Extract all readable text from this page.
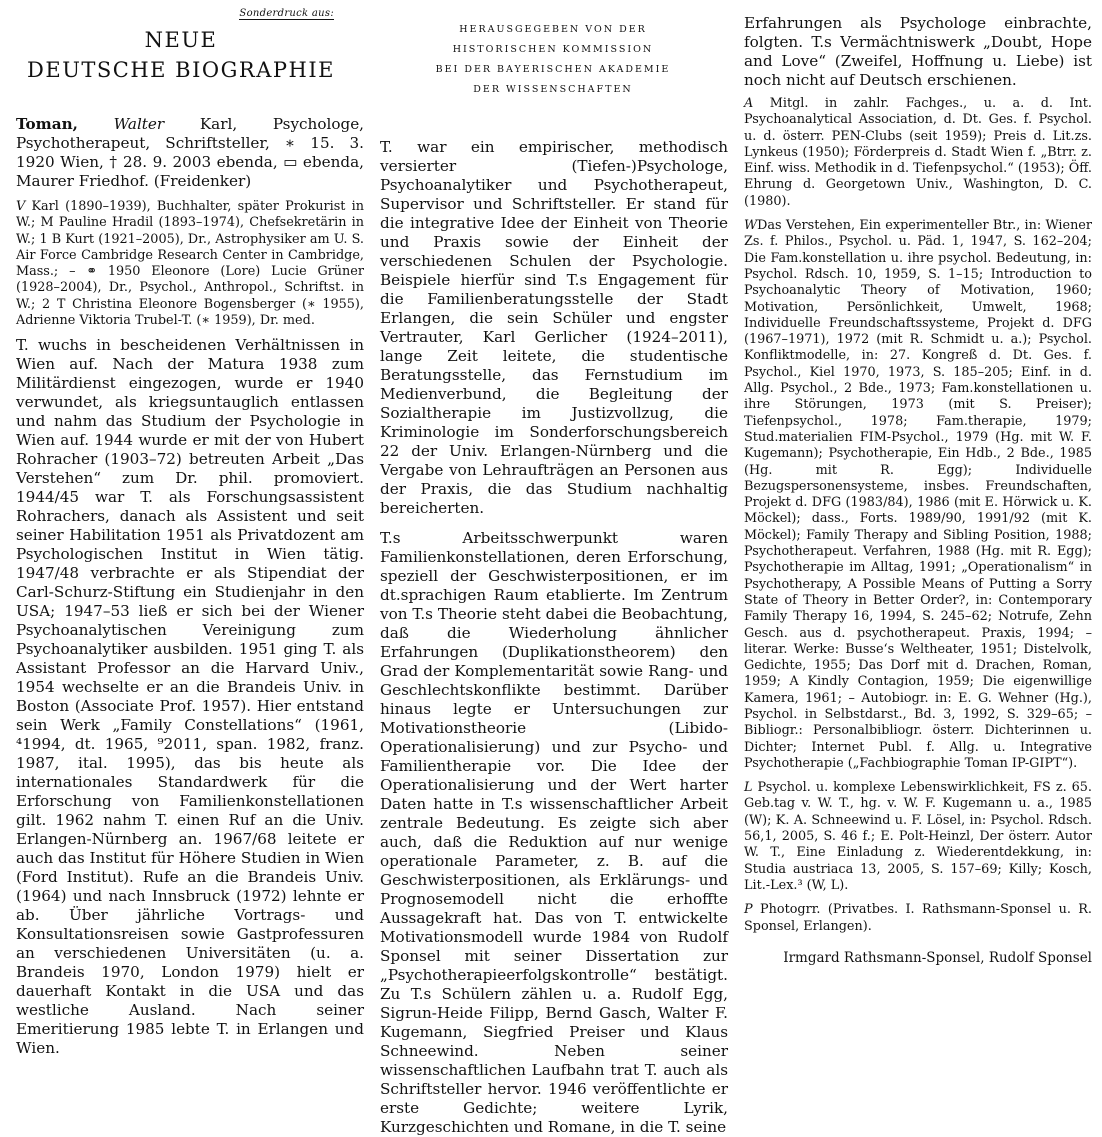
Sonderdruck aus:
NEUE
DEUTSCHE BIOGRAPHIE

Toman, Walter Karl, Psychologe, Psychotherapeut, Schriftsteller, ∗ 15. 3. 1920 Wien, † 28. 9. 2003 ebenda, ▭ ebenda, Maurer Friedhof. (Freidenker)

V Karl (1890–1939), Buchhalter, später Prokurist in W.; M Pauline Hradil (1893–1974), Chefsekretärin in W.; 1 B Kurt (1921–2005), Dr., Astrophysiker am U. S. Air Force Cambridge Research Center in Cambridge, Mass.; – ⚭ 1950 Eleonore (Lore) Lucie Grüner (1928–2004), Dr., Psychol., Anthropol., Schriftst. in W.; 2 T Christina Eleonore Bogensberger (∗ 1955), Adrienne Viktoria Trubel-T. (∗ 1959), Dr. med.

T. wuchs in bescheidenen Verhältnissen in Wien auf. Nach der Matura 1938 zum Militärdienst eingezogen, wurde er 1940 verwundet, als kriegsuntauglich entlassen und nahm das Studium der Psychologie in Wien auf. 1944 wurde er mit der von Hubert Rohracher (1903–72) betreuten Arbeit „Das Verstehen“ zum Dr. phil. promoviert. 1944/45 war T. als Forschungsassistent Rohrachers, danach als Assistent und seit seiner Habilitation 1951 als Privatdozent am Psychologischen Institut in Wien tätig. 1947/48 verbrachte er als Stipendiat der Carl-Schurz-Stiftung ein Studienjahr in den USA; 1947–53 ließ er sich bei der Wiener Psychoanalytischen Vereinigung zum Psychoanalytiker ausbilden. 1951 ging T. als Assistant Professor an die Harvard Univ., 1954 wechselte er an die Brandeis Univ. in Boston (Associate Prof. 1957). Hier entstand sein Werk „Family Constellations“ (1961, ⁴1994, dt. 1965, ⁹2011, span. 1982, franz. 1987, ital. 1995), das bis heute als internationales Standardwerk für die Erforschung von Familienkonstellationen gilt. 1962 nahm T. einen Ruf an die Univ. Erlangen-Nürnberg an. 1967/68 leitete er auch das Institut für Höhere Studien in Wien (Ford Institut). Rufe an die Brandeis Univ. (1964) und nach Innsbruck (1972) lehnte er ab. Über jährliche Vortrags- und Konsultationsreisen sowie Gastprofessuren an verschiedenen Universitäten (u. a. Brandeis 1970, London 1979) hielt er dauerhaft Kontakt in die USA und das westliche Ausland. Nach seiner Emeritierung 1985 lebte T. in Erlangen und Wien.

HERAUSGEGEBEN VON DER
HISTORISCHEN KOMMISSION
BEI DER BAYERISCHEN AKADEMIE
DER WISSENSCHAFTEN

T. war ein empirischer, methodisch versierter (Tiefen-)Psychologe, Psychoanalytiker und Psychotherapeut, Supervisor und Schriftsteller. Er stand für die integrative Idee der Einheit von Theorie und Praxis sowie der Einheit der verschiedenen Schulen der Psychologie. Beispiele hierfür sind T.s Engagement für die Familienberatungsstelle der Stadt Erlangen, die sein Schüler und engster Vertrauter, Karl Gerlicher (1924–2011), lange Zeit leitete, die studentische Beratungsstelle, das Fernstudium im Medienverbund, die Begleitung der Sozialtherapie im Justizvollzug, die Kriminologie im Sonderforschungsbereich 22 der Univ. Erlangen-Nürnberg und die Vergabe von Lehraufträgen an Personen aus der Praxis, die das Studium nachhaltig bereicherten.

T.s Arbeitsschwerpunkt waren Familienkonstellationen, deren Erforschung, speziell der Geschwisterpositionen, er im dt.sprachigen Raum etablierte. Im Zentrum von T.s Theorie steht dabei die Beobachtung, daß die Wiederholung ähnlicher Erfahrungen (Duplikationstheorem) den Grad der Komplementarität sowie Rang- und Geschlechtskonflikte bestimmt. Darüber hinaus legte er Untersuchungen zur Motivationstheorie (Libido-Operationalisierung) und zur Psycho- und Familientherapie vor. Die Idee der Operationalisierung und der Wert harter Daten hatte in T.s wissenschaftlicher Arbeit zentrale Bedeutung. Es zeigte sich aber auch, daß die Reduktion auf nur wenige operationale Parameter, z. B. auf die Geschwisterpositionen, als Erklärungs- und Prognosemodell nicht die erhoffte Aussagekraft hat. Das von T. entwickelte Motivationsmodell wurde 1984 von Rudolf Sponsel mit seiner Dissertation zur „Psychotherapieerfolgskontrolle“ bestätigt. Zu T.s Schülern zählen u. a. Rudolf Egg, Sigrun-Heide Filipp, Bernd Gasch, Walter F. Kugemann, Siegfried Preiser und Klaus Schneewind. Neben seiner wissenschaftlichen Laufbahn trat T. auch als Schriftsteller hervor. 1946 veröffentlichte er erste Gedichte; weitere Lyrik, Kurzgeschichten und Romane, in die T. seine

Erfahrungen als Psychologe einbrachte, folgten. T.s Vermächtniswerk „Doubt, Hope and Love“ (Zweifel, Hoffnung u. Liebe) ist noch nicht auf Deutsch erschienen.

A Mitgl. in zahlr. Fachges., u. a. d. Int. Psychoanalytical Association, d. Dt. Ges. f. Psychol. u. d. österr. PEN-Clubs (seit 1959); Preis d. Lit.zs. Lynkeus (1950); Förderpreis d. Stadt Wien f. „Btrr. z. Einf. wiss. Methodik in d. Tiefenpsychol.“ (1953); Öff. Ehrung d. Georgetown Univ., Washington, D. C. (1980).

WDas Verstehen, Ein experimenteller Btr., in: Wiener Zs. f. Philos., Psychol. u. Päd. 1, 1947, S. 162–204; Die Fam.konstellation u. ihre psychol. Bedeutung, in: Psychol. Rdsch. 10, 1959, S. 1–15; Introduction to Psychoanalytic Theory of Motivation, 1960; Motivation, Persönlichkeit, Umwelt, 1968; Individuelle Freundschaftssysteme, Projekt d. DFG (1967–1971), 1972 (mit R. Schmidt u. a.); Psychol. Konfliktmodelle, in: 27. Kongreß d. Dt. Ges. f. Psychol., Kiel 1970, 1973, S. 185–205; Einf. in d. Allg. Psychol., 2 Bde., 1973; Fam.konstellationen u. ihre Störungen, 1973 (mit S. Preiser); Tiefenpsychol., 1978; Fam.therapie, 1979; Stud.materialien FIM-Psychol., 1979 (Hg. mit W. F. Kugemann); Psychotherapie, Ein Hdb., 2 Bde., 1985 (Hg. mit R. Egg); Individuelle Bezugspersonensysteme, insbes. Freundschaften, Projekt d. DFG (1983/84), 1986 (mit E. Hörwick u. K. Möckel); dass., Forts. 1989/90, 1991/92 (mit K. Möckel); Family Therapy and Sibling Position, 1988; Psychotherapeut. Verfahren, 1988 (Hg. mit R. Egg); Psychotherapie im Alltag, 1991; „Operationalism“ in Psychotherapy, A Possible Means of Putting a Sorry State of Theory in Better Order?, in: Contemporary Family Therapy 16, 1994, S. 245–62; Notrufe, Zehn Gesch. aus d. psychotherapeut. Praxis, 1994; – literar. Werke: Busse‘s Weltheater, 1951; Distelvolk, Gedichte, 1955; Das Dorf mit d. Drachen, Roman, 1959; A Kindly Contagion, 1959; Die eigenwillige Kamera, 1961; – Autobiogr. in: E. G. Wehner (Hg.), Psychol. in Selbstdarst., Bd. 3, 1992, S. 329–65; – Bibliogr.: Personalbibliogr. österr. Dichterinnen u. Dichter; Internet Publ. f. Allg. u. Integrative Psychotherapie („Fachbiographie Toman IP-GIPT“).

L Psychol. u. komplexe Lebenswirklichkeit, FS z. 65. Geb.tag v. W. T., hg. v. W. F. Kugemann u. a., 1985 (W); K. A. Schneewind u. F. Lösel, in: Psychol. Rdsch. 56,1, 2005, S. 46 f.; E. Polt-Heinzl, Der österr. Autor W. T., Eine Einladung z. Wiederentdekkung, in: Studia austriaca 13, 2005, S. 157–69; Killy; Kosch, Lit.-Lex.³ (W, L).

P Photogrr. (Privatbes. I. Rathsmann-Sponsel u. R. Sponsel, Erlangen).

Irmgard Rathsmann-Sponsel, Rudolf Sponsel
